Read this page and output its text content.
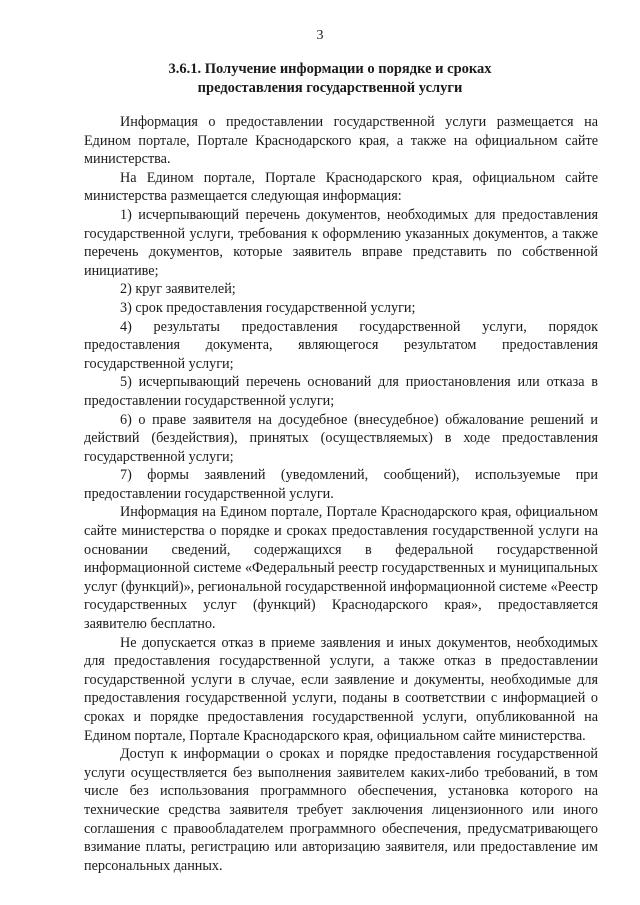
3
3.6.1. Получение информации о порядке и сроках
предоставления государственной услуги

Информация о предоставлении государственной услуги размещается на Едином портале, Портале Краснодарского края, а также на официальном сайте министерства.

На Едином портале, Портале Краснодарского края, официальном сайте министерства размещается следующая информация:

1) исчерпывающий перечень документов, необходимых для предоставления государственной услуги, требования к оформлению указанных документов, а также перечень документов, которые заявитель вправе представить по собственной инициативе;

2) круг заявителей;

3) срок предоставления государственной услуги;

4) результаты предоставления государственной услуги, порядок предоставления документа, являющегося результатом предоставления государственной услуги;

5) исчерпывающий перечень оснований для приостановления или отказа в предоставлении государственной услуги;

6) о праве заявителя на досудебное (внесудебное) обжалование решений и действий (бездействия), принятых (осуществляемых) в ходе предоставления государственной услуги;

7) формы заявлений (уведомлений, сообщений), используемые при предоставлении государственной услуги.

Информация на Едином портале, Портале Краснодарского края, официальном сайте министерства о порядке и сроках предоставления государственной услуги на основании сведений, содержащихся в федеральной государственной информационной системе «Федеральный реестр государственных и муниципальных услуг (функций)», региональной государственной информационной системе «Реестр государственных услуг (функций) Краснодарского края», предоставляется заявителю бесплатно.

Не допускается отказ в приеме заявления и иных документов, необходимых для предоставления государственной услуги, а также отказ в предоставлении государственной услуги в случае, если заявление и документы, необходимые для предоставления государственной услуги, поданы в соответствии с информацией о сроках и порядке предоставления государственной услуги, опубликованной на Едином портале, Портале Краснодарского края, официальном сайте министерства.

Доступ к информации о сроках и порядке предоставления государственной услуги осуществляется без выполнения заявителем каких-либо требований, в том числе без использования программного обеспечения, установка которого на технические средства заявителя требует заключения лицензионного или иного соглашения с правообладателем программного обеспечения, предусматривающего взимание платы, регистрацию или авторизацию заявителя, или предоставление им персональных данных.
